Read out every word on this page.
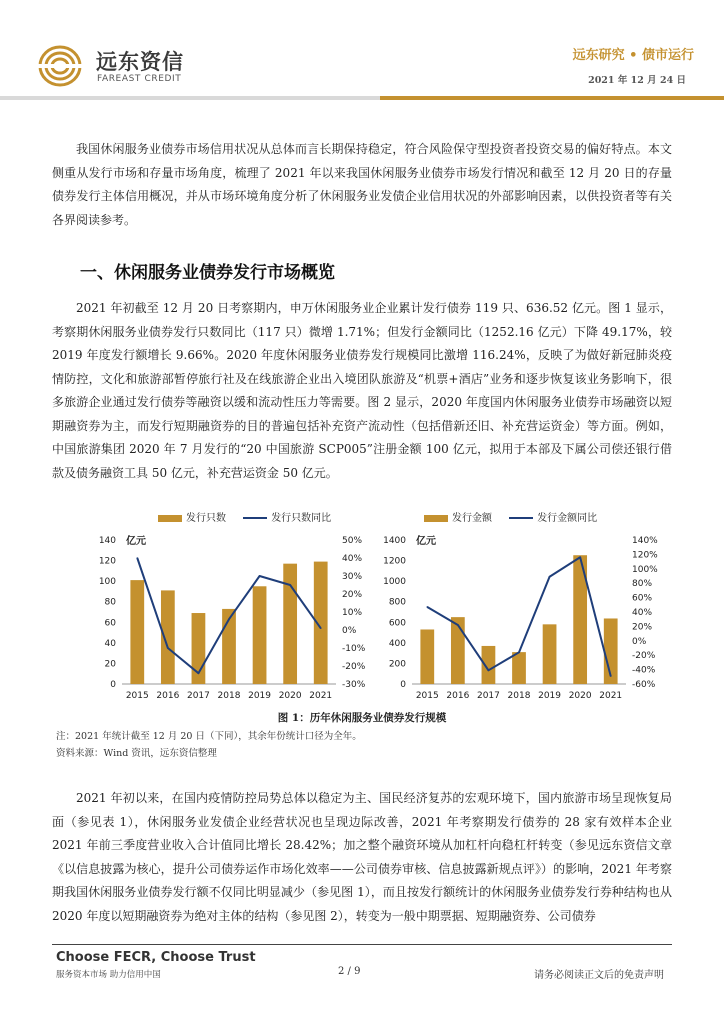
远东资信
FAREAST CREDIT
远东研究 • 债市运行
2021 年 12 月 24 日

我国休闲服务业债券市场信用状况从总体而言长期保持稳定，符合风险保守型投资者投资交易的偏好特点。本文侧重从发行市场和存量市场角度，梳理了 2021 年以来我国休闲服务业债券市场发行情况和截至 12 月 20 日的存量债券发行主体信用概况，并从市场环境角度分析了休闲服务业发债企业信用状况的外部影响因素，以供投资者等有关各界阅读参考。

一、休闲服务业债券发行市场概览

2021 年初截至 12 月 20 日考察期内，申万休闲服务业企业累计发行债券 119 只、636.52 亿元。图 1 显示，考察期休闲服务业债券发行只数同比（117 只）微增 1.71%；但发行金额同比（1252.16 亿元）下降 49.17%，较 2019 年度发行额增长 9.66%。2020 年度休闲服务业债券发行规模同比激增 116.24%，反映了为做好新冠肺炎疫情防控，文化和旅游部暂停旅行社及在线旅游企业出入境团队旅游及“机票+酒店”业务和逐步恢复该业务影响下，很多旅游企业通过发行债券等融资以缓和流动性压力等需要。图 2 显示，2020 年度国内休闲服务业债券市场融资以短期融资券为主，而发行短期融资券的目的普遍包括补充资产流动性（包括借新还旧、补充营运资金）等方面。例如，中国旅游集团 2020 年 7 月发行的“20 中国旅游 SCP005”注册金额 100 亿元，拟用于本部及下属公司偿还银行借款及债务融资工具 50 亿元，补充营运资金 50 亿元。

发行只数	发行只数同比
0
20
40
60
80
100
120
140
-30%
-20%
-10%
0%
10%
20%
30%
40%
50%
亿元
2015 2016 2017 2018 2019 2020 2021
发行金额	发行金额同比
0
200
400
600
800
1000
1200
1400
-60%
-40%
-20%
0%
20%
40%
60%
80%
100%
120%
140%
亿元
2015 2016 2017 2018 2019 2020 2021
图 1：历年休闲服务业债券发行规模
注：2021 年统计截至 12 月 20 日（下同），其余年份统计口径为全年。
资料来源：Wind 资讯，远东资信整理

2021 年初以来，在国内疫情防控局势总体以稳定为主、国民经济复苏的宏观环境下，国内旅游市场呈现恢复局面（参见表 1），休闲服务业发债企业经营状况也呈现边际改善，2021 年考察期发行债券的 28 家有效样本企业 2021 年前三季度营业收入合计值同比增长 28.42%；加之整个融资环境从加杠杆向稳杠杆转变（参见远东资信文章《以信息披露为核心，提升公司债券运作市场化效率——公司债券审核、信息披露新规点评》）的影响，2021 年考察期我国休闲服务业债券发行额不仅同比明显减少（参见图 1），而且按发行额统计的休闲服务业债券发行券种结构也从 2020 年度以短期融资券为绝对主体的结构（参见图 2），转变为一般中期票据、短期融资券、公司债券

Choose FECR, Choose Trust
服务资本市场 助力信用中国	2 / 9	请务必阅读正文后的免责声明
